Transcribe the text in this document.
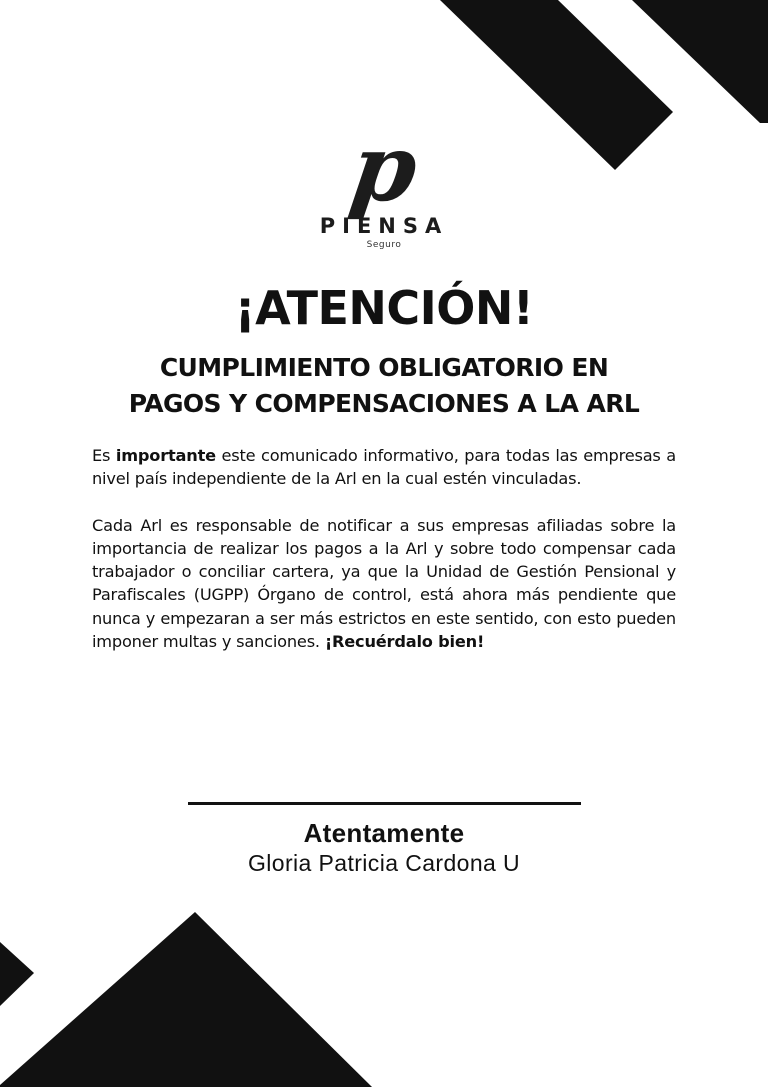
p
PIENSA
Seguro
¡ATENCIÓN!
CUMPLIMIENTO OBLIGATORIO EN
PAGOS Y COMPENSACIONES A LA ARL

Es importante este comunicado informativo, para todas las empresas a nivel país independiente de la Arl en la cual estén vinculadas.

Cada Arl es responsable de notificar a sus empresas afiliadas sobre la importancia de realizar los pagos a la Arl y sobre todo compensar cada trabajador o conciliar cartera, ya que la Unidad de Gestión Pensional y Parafiscales (UGPP) Órgano de control, está ahora más pendiente que nunca y empezaran a ser más estrictos en este sentido, con esto pueden imponer multas y sanciones. ¡Recuérdalo bien!

Atentamente
Gloria Patricia Cardona U
